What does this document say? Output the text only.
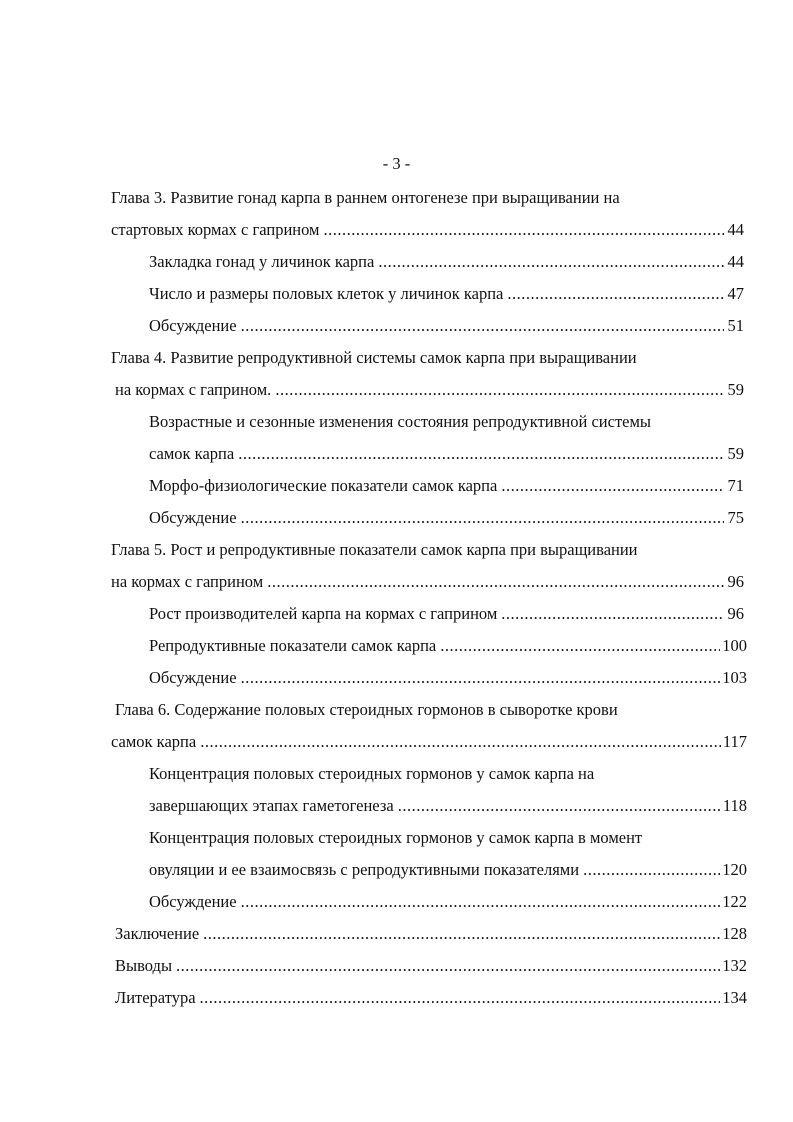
- 3 -
Глава 3. Развитие гонад карпа в раннем онтогенезе при выращивании на
стартовых кормах с гаприном .....	44
Закладка гонад у личинок карпа .....	44
Число и размеры половых клеток у личинок карпа .....	47
Обсуждение .....	51
Глава 4. Развитие репродуктивной системы самок карпа при выращивании
на кормах с гаприном. .....	59
Возрастные и сезонные изменения состояния репродуктивной системы
самок карпа .....	59
Морфо-физиологические показатели самок карпа .....	71
Обсуждение .....	75
Глава 5. Рост и репродуктивные показатели самок карпа при выращивании
на кормах с гаприном .....	96
Рост производителей карпа на кормах с гаприном .....	96
Репродуктивные показатели самок карпа .....	100
Обсуждение .....	103
Глава 6. Содержание половых стероидных гормонов в сыворотке крови
самок карпа .....	117
Концентрация половых стероидных гормонов у самок карпа на
завершающих этапах гаметогенеза .....	118
Концентрация половых стероидных гормонов у самок карпа в момент
овуляции и ее взаимосвязь с репродуктивными показателями .....	120
Обсуждение .....	122
Заключение .....	128
Выводы .....	132
Литература .....	134
